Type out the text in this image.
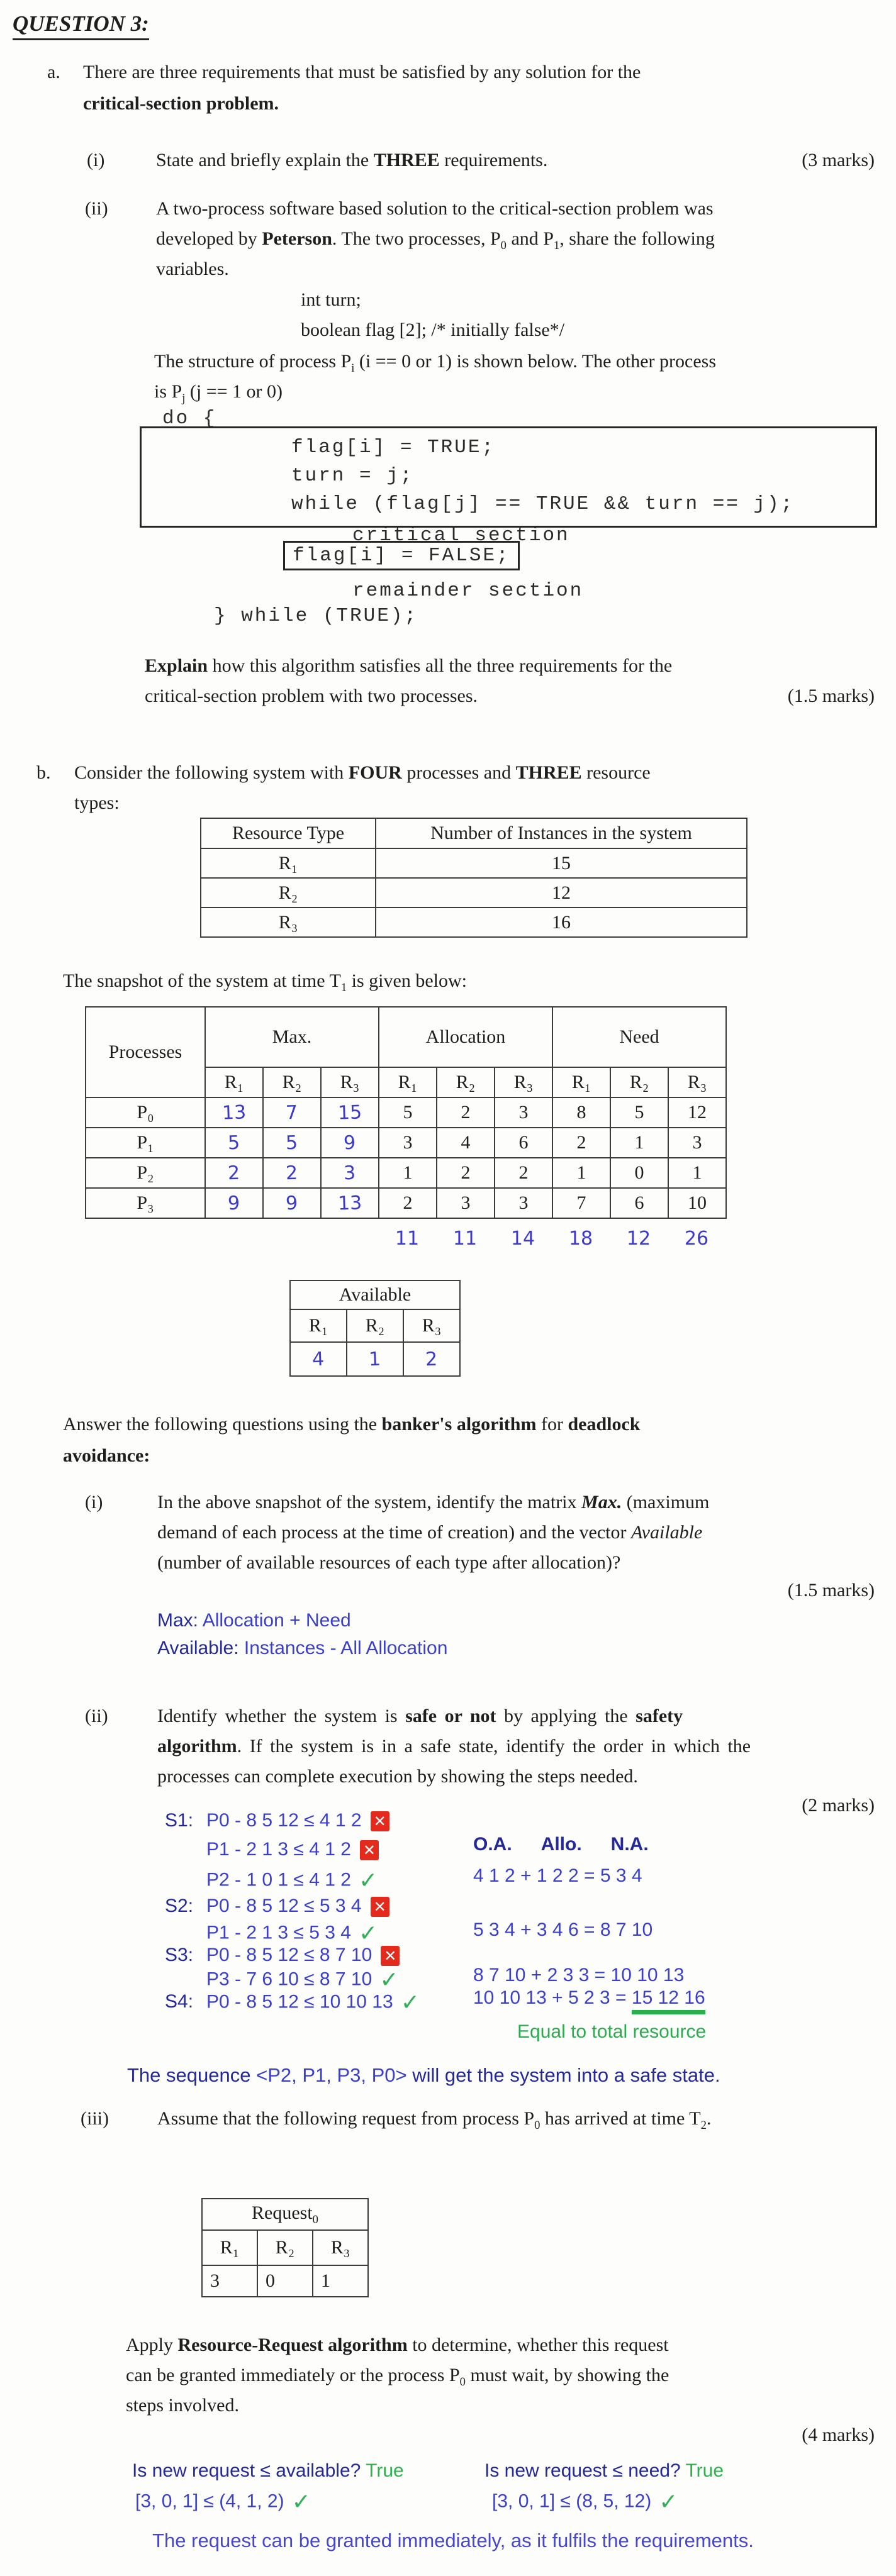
QUESTION 3:
a. There are three requirements that must be satisfied by any solution for the
critical-section problem.
(i)	State and briefly explain the THREE requirements.	(3 marks)
(ii)	A two-process software based solution to the critical-section problem was
developed by Peterson. The two processes, $P_0$ and $P_1$, share the following
variables.
int turn;
boolean flag [2]; /* initially false*/
The structure of process $P_i$ (i == 0 or 1) is shown below. The other process
is $P_j$ (j == 1 or 0)
do {
flag[i] = TRUE;
turn = j;
while (flag[j] == TRUE && turn == j);
critical section
flag[i] = FALSE;
remainder section
} while (TRUE);
Explain how this algorithm satisfies all the three requirements for the
critical-section problem with two processes.	(1.5 marks)
b. Consider the following system with FOUR processes and THREE resource
types:
Resource Type	Number of Instances in the system
R₁	15
R₂	12
R₃	16
The snapshot of the system at time $T_1$ is given below:
Processes	Max.			Allocation			Need		
	R₁	R₂	R₃	R₁	R₂	R₃	R₁	R₂	R₃
P₀	13	7	15	5	2	3	8	5	12
P₁	5	5	9	3	4	6	2	1	3
P₂	2	2	3	1	2	2	1	0	1
P₃	9	9	13	2	3	3	7	6	10
11	11	14	18	12	26
Available		
R₁	R₂	R₃
4	1	2
Answer the following questions using the banker's algorithm for deadlock
avoidance:
(i)	In the above snapshot of the system, identify the matrix Max. (maximum
demand of each process at the time of creation) and the vector Available
(number of available resources of each type after allocation)?
(1.5 marks)
Max: Allocation + Need
Available: Instances - All Allocation
(ii)	Identify whether the system is safe or not by applying the safety
algorithm. If the system is in a safe state, identify the order in which the
processes can complete execution by showing the steps needed.
(2 marks)
S1: P0 - 8 5 12 ≤ 4 1 2 ✕
P1 - 2 1 3 ≤ 4 1 2 ✕
P2 - 1 0 1 ≤ 4 1 2 ✓
S2: P0 - 8 5 12 ≤ 5 3 4 ✕
P1 - 2 1 3 ≤ 5 3 4 ✓
S3: P0 - 8 5 12 ≤ 8 7 10 ✕
P3 - 7 6 10 ≤ 8 7 10 ✓
S4: P0 - 8 5 12 ≤ 10 10 13 ✓
O.A. Allo. N.A.
4 1 2 + 1 2 2 = 5 3 4
5 3 4 + 3 4 6 = 8 7 10
8 7 10 + 2 3 3 = 10 10 13
10 10 13 + 5 2 3 = 15 12 16
Equal to total resource
The sequence <P2, P1, P3, P0> will get the system into a safe state.
(iii)	Assume that the following request from process $P_0$ has arrived at time $T_2$.
Request$_0$
R₁	R₂	R₃
3	0	1
Apply Resource-Request algorithm to determine, whether this request
can be granted immediately or the process $P_0$ must wait, by showing the
steps involved.
(4 marks)
Is new request ≤ available? True	Is new request ≤ need? True
[3, 0, 1] ≤ (4, 1, 2) ✓	[3, 0, 1] ≤ (8, 5, 12) ✓
The request can be granted immediately, as it fulfils the requirements.
